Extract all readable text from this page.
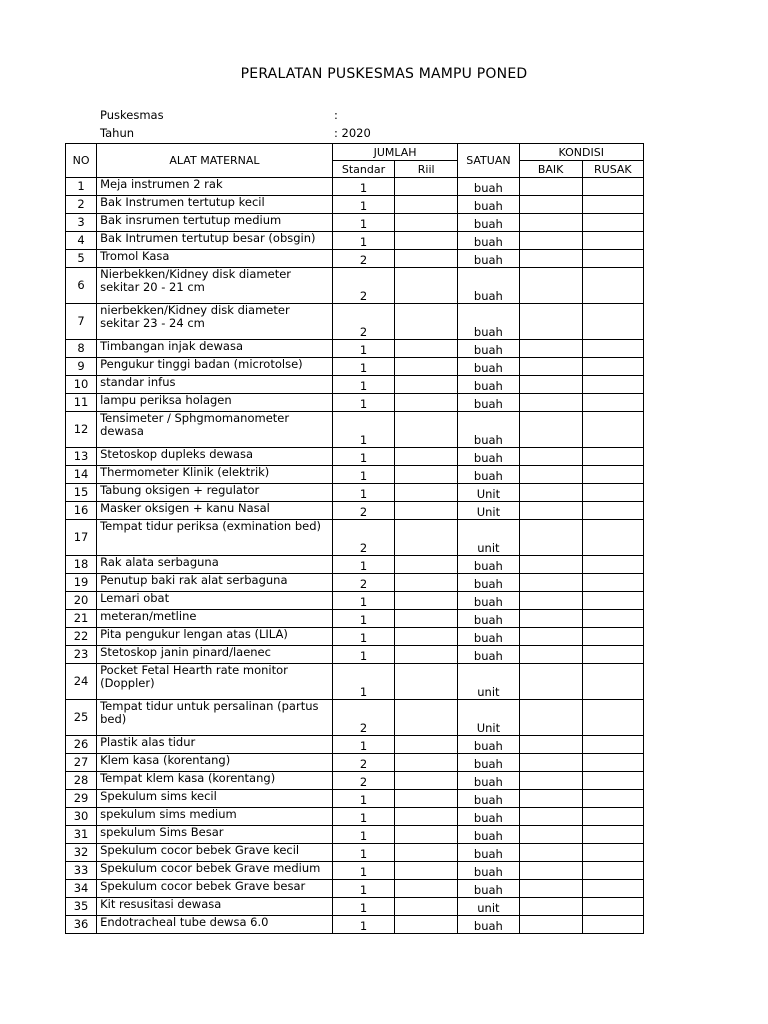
PERALATAN PUSKESMAS MAMPU PONED
Puskesmas	:
Tahun	: 2020
NO	ALAT MATERNAL	JUMLAH		SATUAN	KONDISI	
		Standar	Riil		BAIK	RUSAK
1	Meja instrumen 2 rak	1		buah		
2	Bak Instrumen tertutup kecil	1		buah		
3	Bak insrumen tertutup medium	1		buah		
4	Bak Intrumen tertutup besar (obsgin)	1		buah		
5	Tromol Kasa	2		buah		
6	Nierbekken/Kidney disk diameter sekitar 20 - 21 cm	2		buah		
7	nierbekken/Kidney disk diameter sekitar 23 - 24 cm	2		buah		
8	Timbangan injak dewasa	1		buah		
9	Pengukur tinggi badan (microtolse)	1		buah		
10	standar infus	1		buah		
11	lampu periksa holagen	1		buah		
12	Tensimeter / Sphgmomanometer dewasa	1		buah		
13	Stetoskop dupleks dewasa	1		buah		
14	Thermometer Klinik (elektrik)	1		buah		
15	Tabung oksigen + regulator	1		Unit		
16	Masker oksigen + kanu Nasal	2		Unit		
17	Tempat tidur periksa (exmination bed)	2		unit		
18	Rak alata serbaguna	1		buah		
19	Penutup baki rak alat serbaguna	2		buah		
20	Lemari obat	1		buah		
21	meteran/metline	1		buah		
22	Pita pengukur lengan atas (LILA)	1		buah		
23	Stetoskop janin pinard/laenec	1		buah		
24	Pocket Fetal Hearth rate monitor (Doppler)	1		unit		
25	Tempat tidur untuk persalinan (partus bed)	2		Unit		
26	Plastik alas tidur	1		buah		
27	Klem kasa (korentang)	2		buah		
28	Tempat klem kasa (korentang)	2		buah		
29	Spekulum sims kecil	1		buah		
30	spekulum sims medium	1		buah		
31	spekulum Sims Besar	1		buah		
32	Spekulum cocor bebek Grave kecil	1		buah		
33	Spekulum cocor bebek Grave medium	1		buah		
34	Spekulum cocor bebek Grave besar	1		buah		
35	Kit resusitasi dewasa	1		unit		
36	Endotracheal tube dewsa 6.0	1		buah		
